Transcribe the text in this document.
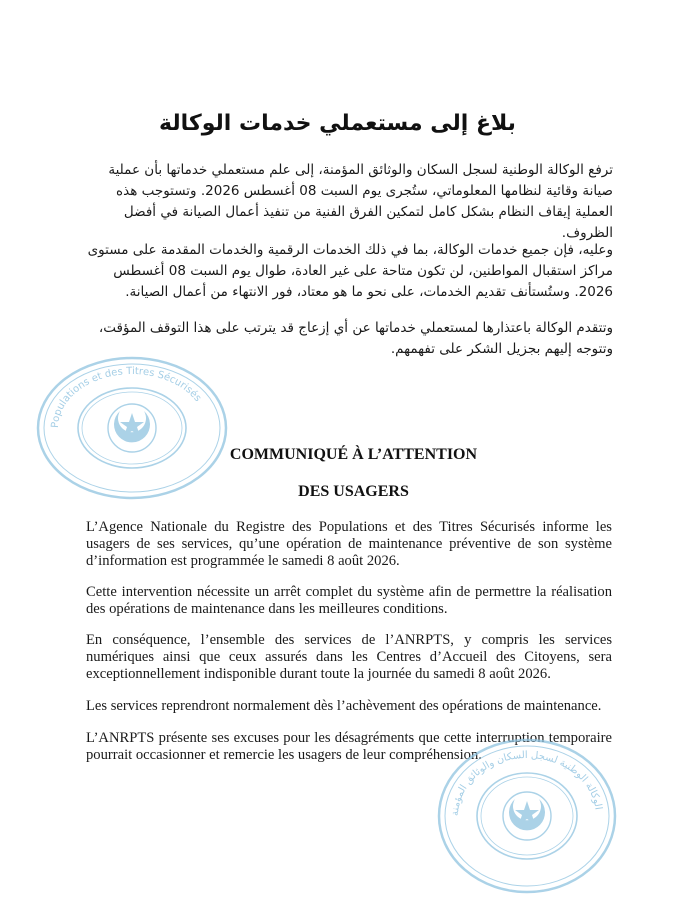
بلاغ إلى مستعملي خدمات الوكالة
ترفع الوكالة الوطنية لسجل السكان والوثائق المؤمنة، إلى علم مستعملي خدماتها بأن عملية صيانة وقائية لنظامها المعلوماتي، ستُجرى يوم السبت 08 أغسطس 2026. وتستوجب هذه العملية إيقاف النظام بشكل كامل لتمكين الفرق الفنية من تنفيذ أعمال الصيانة في أفضل الظروف.
وعليه، فإن جميع خدمات الوكالة، بما في ذلك الخدمات الرقمية والخدمات المقدمة على مستوى مراكز استقبال المواطنين، لن تكون متاحة على غير العادة، طوال يوم السبت 08 أغسطس 2026. وستُستأنف تقديم الخدمات، على نحو ما هو معتاد، فور الانتهاء من أعمال الصيانة.
وتتقدم الوكالة باعتذارها لمستعملي خدماتها عن أي إزعاج قد يترتب على هذا التوقف المؤقت، وتتوجه إليهم بجزيل الشكر على تفهمهم.
Populations et des Titres Sécurisés
COMMUNIQUÉ À L’ATTENTION
DES USAGERS
L’Agence Nationale du Registre des Populations et des Titres Sécurisés informe les usagers de ses services, qu’une opération de maintenance préventive de son système d’information est programmée le samedi 8 août 2026.
Cette intervention nécessite un arrêt complet du système afin de permettre la réalisation des opérations de maintenance dans les meilleures conditions.
En conséquence, l’ensemble des services de l’ANRPTS, y compris les services numériques ainsi que ceux assurés dans les Centres d’Accueil des Citoyens, sera exceptionnellement indisponible durant toute la journée du samedi 8 août 2026.
Les services reprendront normalement dès l’achèvement des opérations de maintenance.
L’ANRPTS présente ses excuses pour les désagréments que cette interruption temporaire pourrait occasionner et remercie les usagers de leur compréhension.
الوكالة الوطنية لسجل السكان والوثائق المؤمنة
